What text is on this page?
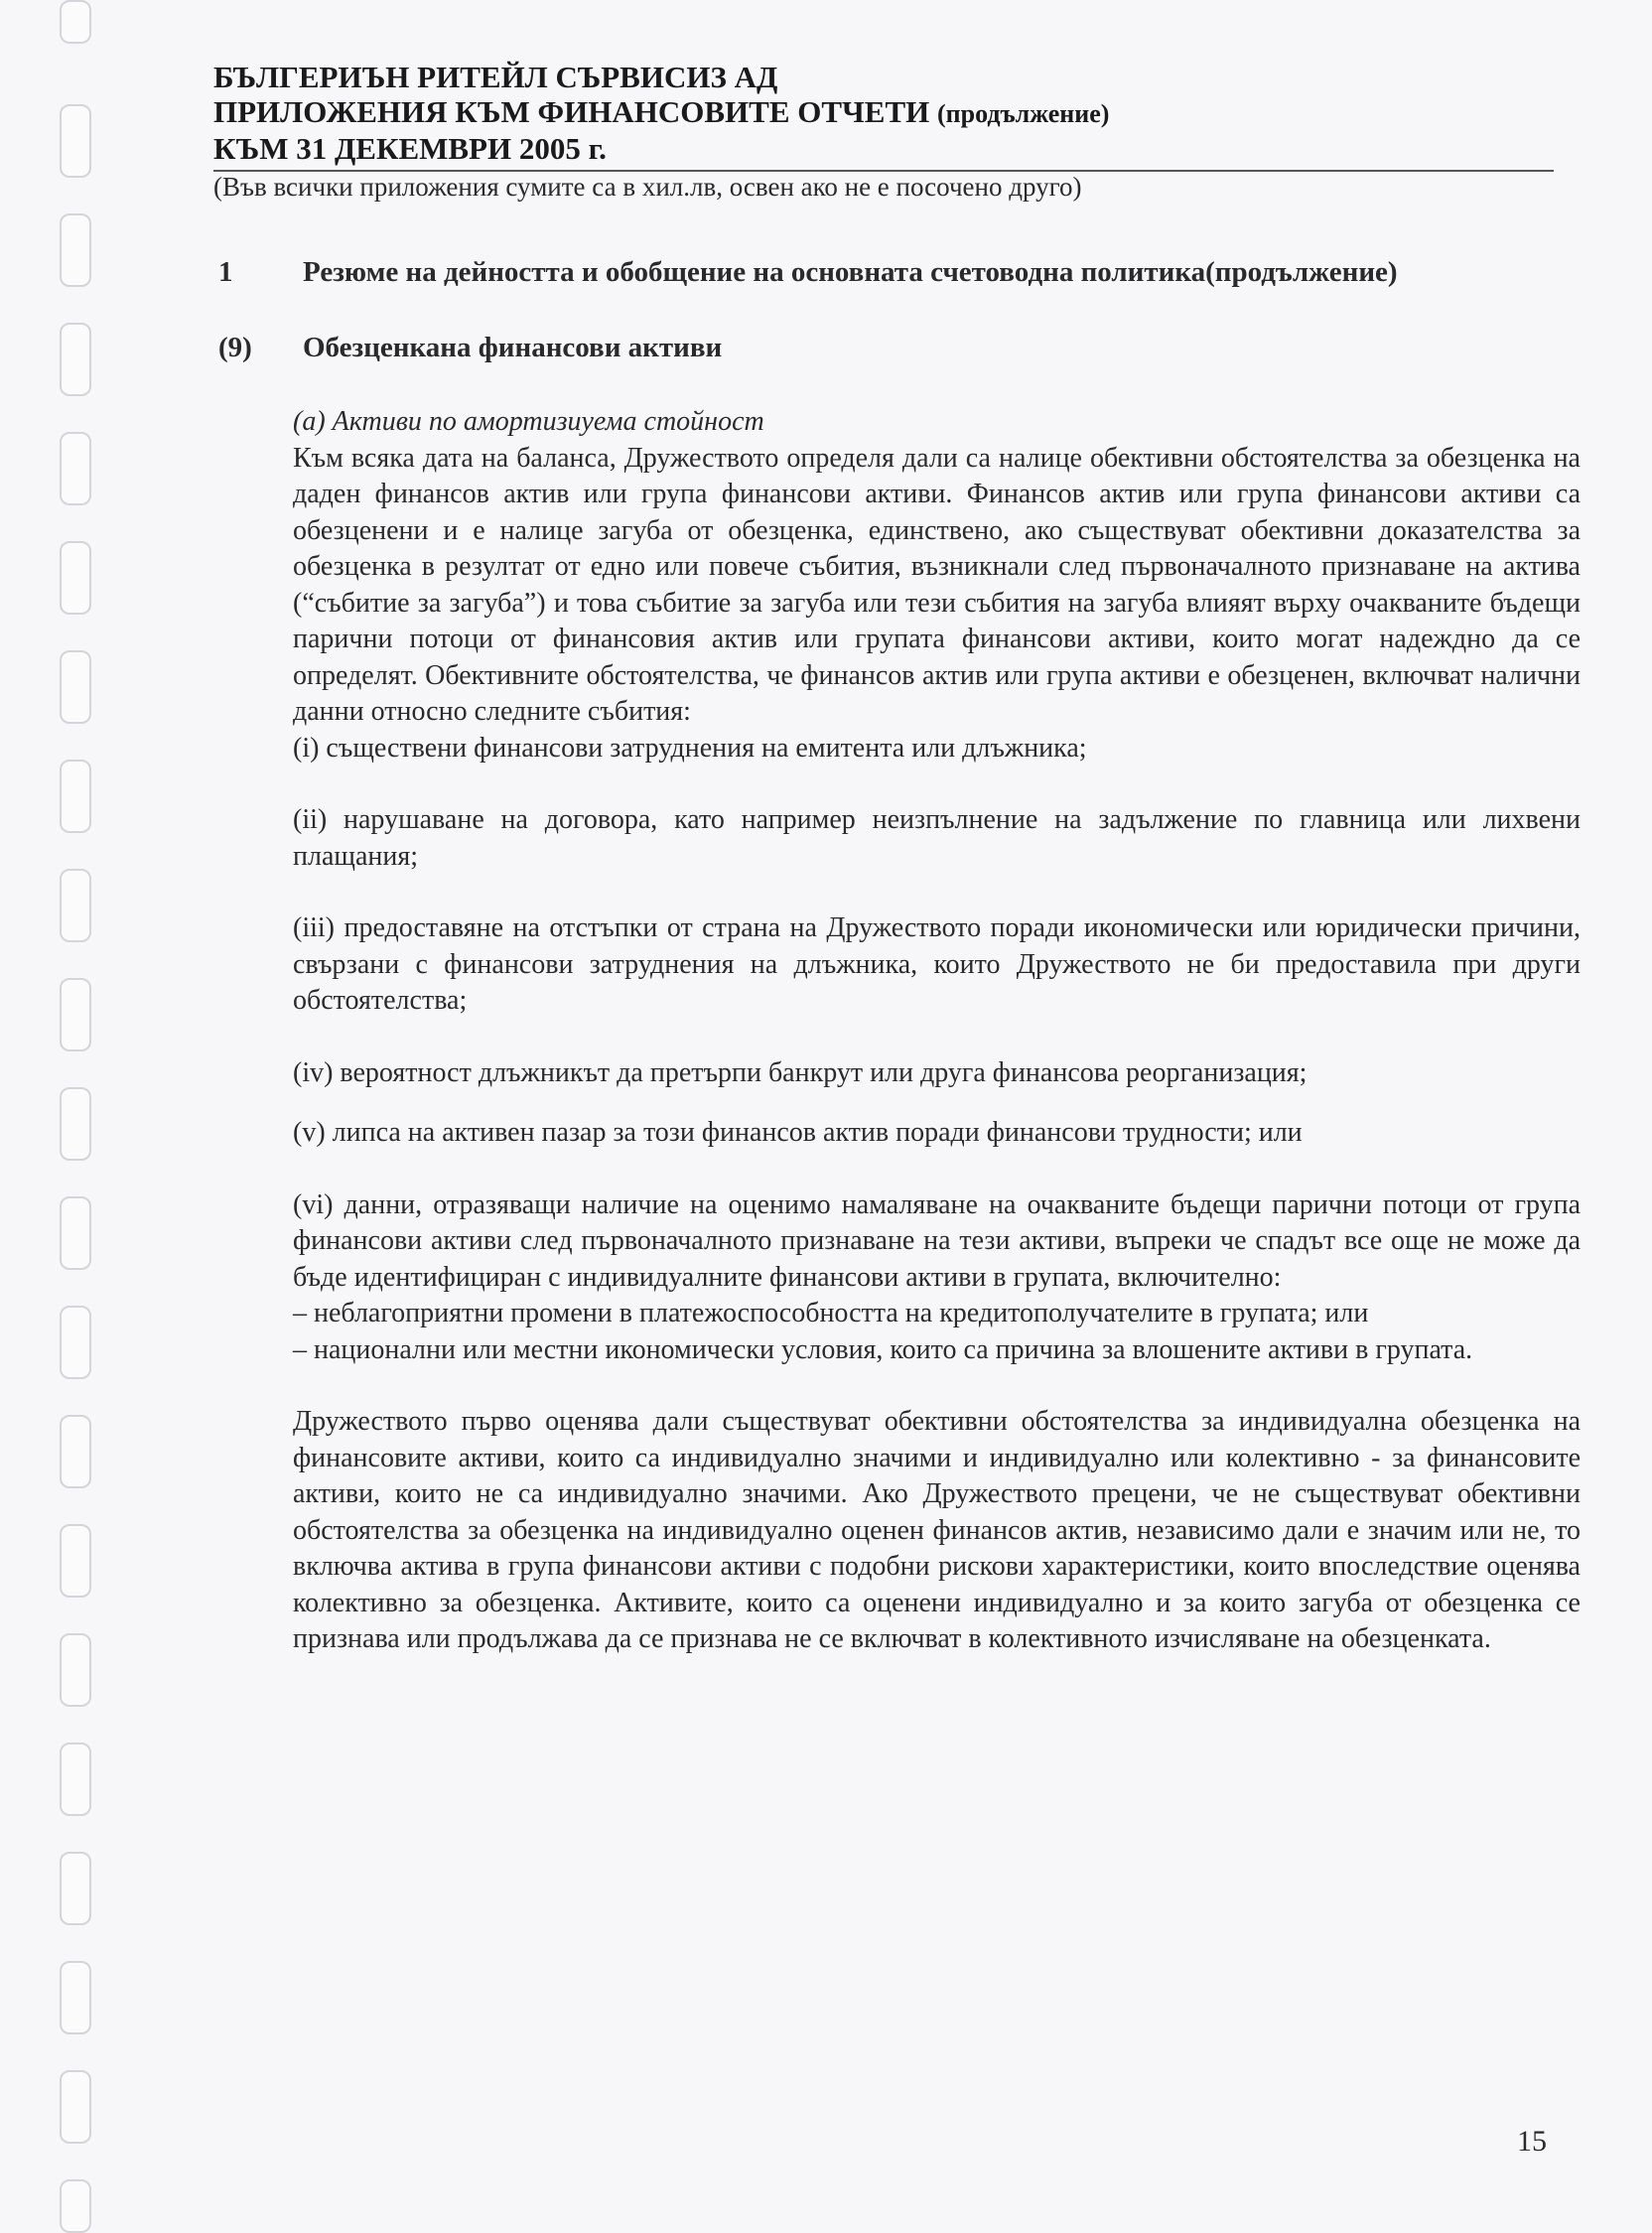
БЪЛГЕРИЪН РИТЕЙЛ СЪРВИСИЗ АД
ПРИЛОЖЕНИЯ КЪМ ФИНАНСОВИТЕ ОТЧЕТИ (продължение)
КЪМ 31 ДЕКЕМВРИ 2005 г.
(Във всички приложения сумите са в хил.лв, освен ако не е посочено друго)
1 Резюме на дейността и обобщение на основната счетоводна политика(продължение)
(9) Обезценкана финансови активи

(а) Активи по амортизиуема стойност

Към всяка дата на баланса, Дружеството определя дали са налице обективни обстоятелства за обезценка на даден финансов актив или група финансови активи. Финансов актив или група финансови активи са обезценени и е налице загуба от обезценка, единствено, ако съществуват обективни доказателства за обезценка в резултат от едно или повече събития, възникнали след първоначалното признаване на актива (“събитие за загуба”) и това събитие за загуба или тези събития на загуба влияят върху очакваните бъдещи парични потоци от финансовия актив или групата финансови активи, които могат надеждно да се определят. Обективните обстоятелства, че финансов актив или група активи е обезценен, включват налични данни относно следните събития:

(i) съществени финансови затруднения на емитента или длъжника;

(ii) нарушаване на договора, като например неизпълнение на задължение по главница или лихвени плащания;

(iii) предоставяне на отстъпки от страна на Дружеството поради икономически или юридически причини, свързани с финансови затруднения на длъжника, които Дружеството не би предоставила при други обстоятелства;

(iv) вероятност длъжникът да претърпи банкрут или друга финансова реорганизация;

(v) липса на активен пазар за този финансов актив поради финансови трудности; или

(vi) данни, отразяващи наличие на оценимо намаляване на очакваните бъдещи парични потоци от група финансови активи след първоначалното признаване на тези активи, въпреки че спадът все още не може да бъде идентифициран с индивидуалните финансови активи в групата, включително:

– неблагоприятни промени в платежоспособността на кредитополучателите в групата; или

– национални или местни икономически условия, които са причина за влошените активи в групата.

Дружеството първо оценява дали съществуват обективни обстоятелства за индивидуална обезценка на финансовите активи, които са индивидуално значими и индивидуално или колективно - за финансовите активи, които не са индивидуално значими. Ако Дружеството прецени, че не съществуват обективни обстоятелства за обезценка на индивидуално оценен финансов актив, независимо дали е значим или не, то включва актива в група финансови активи с подобни рискови характеристики, които впоследствие оценява колективно за обезценка. Активите, които са оценени индивидуално и за които загуба от обезценка се признава или продължава да се признава не се включват в колективното изчисляване на обезценката.

15
